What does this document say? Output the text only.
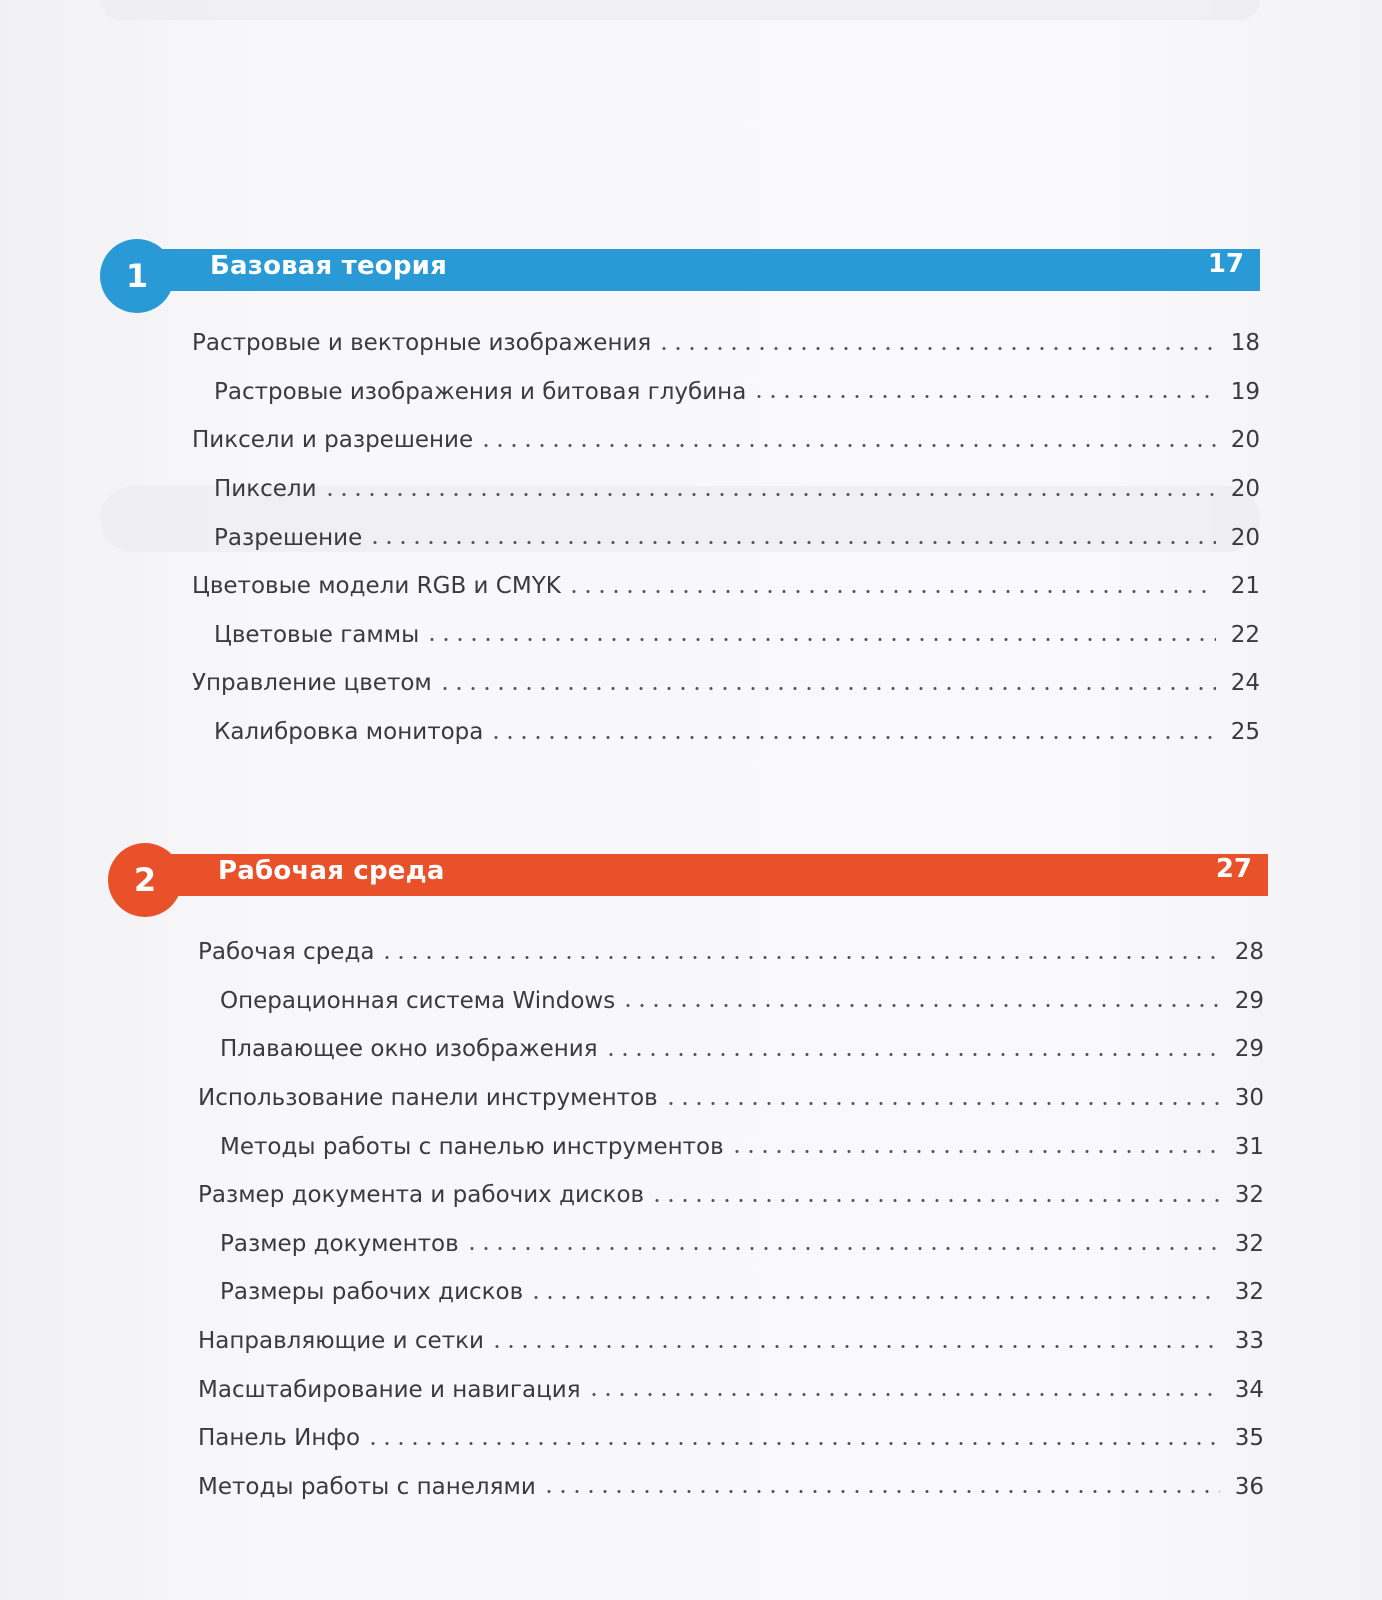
1	Базовая теория	17
Растровые и векторные изображения	18
Растровые изображения и битовая глубина	19
Пиксели и разрешение	20
Пиксели	20
Разрешение	20
Цветовые модели RGB и CMYK	21
Цветовые гаммы	22
Управление цветом	24
Калибровка монитора	25
2	Рабочая среда	27
Рабочая среда	28
Операционная система Windows	29
Плавающее окно изображения	29
Использование панели инструментов	30
Методы работы с панелью инструментов	31
Размер документа и рабочих дисков	32
Размер документов	32
Размеры рабочих дисков	32
Направляющие и сетки	33
Масштабирование и навигация	34
Панель Инфо	35
Методы работы с панелями	36
